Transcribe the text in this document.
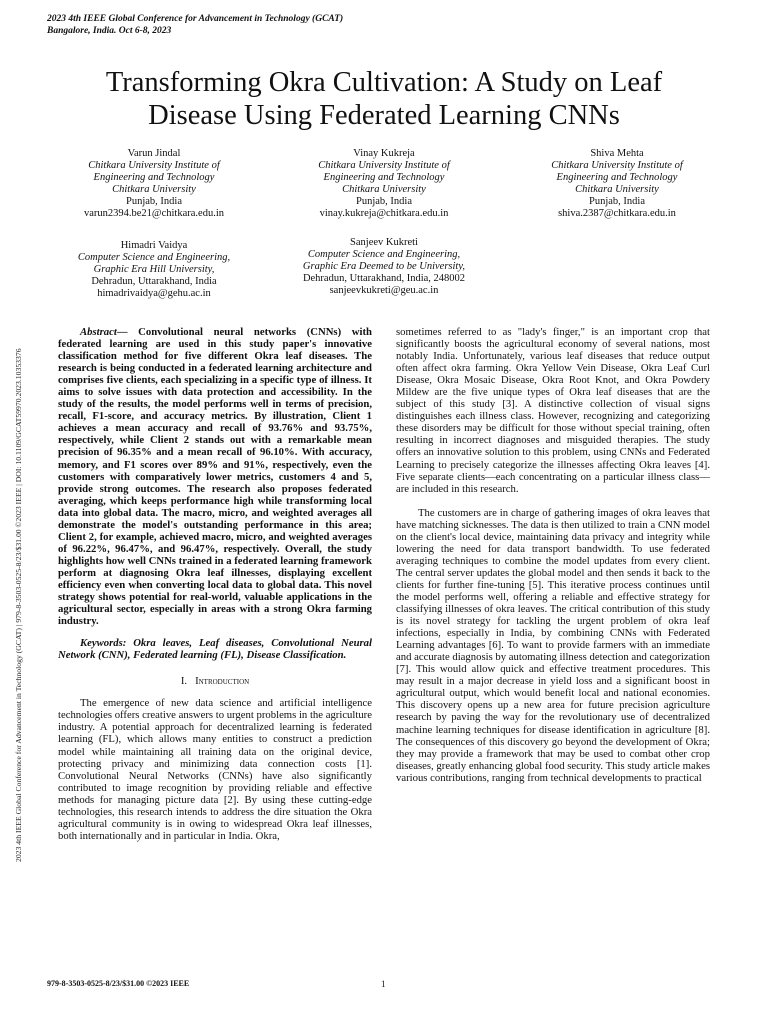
2023 4th IEEE Global Conference for Advancement in Technology (GCAT)
Bangalore, India. Oct 6-8, 2023
2023 4th IEEE Global Conference for Advancement in Technology (GCAT) | 979-8-3503-0525-8/23/$31.00 ©2023 IEEE | DOI: 10.1109/GCAT59970.2023.10353376
Transforming Okra Cultivation: A Study on Leaf
Disease Using Federated Learning CNNs
Varun Jindal
Chitkara University Institute of
Engineering and Technology
Chitkara University
Punjab, India
varun2394.be21@chitkara.edu.in
Vinay Kukreja
Chitkara University Institute of
Engineering and Technology
Chitkara University
Punjab, India
vinay.kukreja@chitkara.edu.in
Shiva Mehta
Chitkara University Institute of
Engineering and Technology
Chitkara University
Punjab, India
shiva.2387@chitkara.edu.in
Himadri Vaidya
Computer Science and Engineering,
Graphic Era Hill University,
Dehradun, Uttarakhand, India
himadrivaidya@gehu.ac.in
Sanjeev Kukreti
Computer Science and Engineering,
Graphic Era Deemed to be University,
Dehradun, Uttarakhand, India, 248002
sanjeevkukreti@geu.ac.in

Abstract— Convolutional neural networks (CNNs) with federated learning are used in this study paper's innovative classification method for five different Okra leaf diseases. The research is being conducted in a federated learning architecture and comprises five clients, each specializing in a specific type of illness. It aims to solve issues with data protection and accessibility. In the study of the results, the model performs well in terms of precision, recall, F1-score, and accuracy metrics. By illustration, Client 1 achieves a mean accuracy and recall of 93.76% and 93.75%, respectively, while Client 2 stands out with a remarkable mean precision of 96.35% and a mean recall of 96.10%. With accuracy, memory, and F1 scores over 89% and 91%, respectively, even the customers with comparatively lower metrics, customers 4 and 5, provide strong outcomes. The research also proposes federated averaging, which keeps performance high while transforming local data into global data. The macro, micro, and weighted averages all demonstrate the model's outstanding performance in this area; Client 2, for example, achieved macro, micro, and weighted averages of 96.22%, 96.47%, and 96.47%, respectively. Overall, the study highlights how well CNNs trained in a federated learning framework perform at diagnosing Okra leaf illnesses, displaying excellent efficiency even when converting local data to global data. This novel strategy shows potential for real-world, valuable applications in the agricultural sector, especially in areas with a strong Okra farming industry.

Keywords: Okra leaves, Leaf diseases, Convolutional Neural Network (CNN), Federated learning (FL), Disease Classification.

I. Introduction

The emergence of new data science and artificial intelligence technologies offers creative answers to urgent problems in the agriculture industry. A potential approach for decentralized learning is federated learning (FL), which allows many entities to construct a prediction model while maintaining all training data on the original device, protecting privacy and minimizing data connection costs [1]. Convolutional Neural Networks (CNNs) have also significantly contributed to image recognition by providing reliable and effective methods for managing picture data [2]. By using these cutting-edge technologies, this research intends to address the dire situation the Okra agricultural community is in owing to widespread Okra leaf illnesses, both internationally and in particular in India. Okra,

sometimes referred to as "lady's finger," is an important crop that significantly boosts the agricultural economy of several nations, most notably India. Unfortunately, various leaf diseases that reduce output often affect okra farming. Okra Yellow Vein Disease, Okra Leaf Curl Disease, Okra Mosaic Disease, Okra Root Knot, and Okra Powdery Mildew are the five unique types of Okra leaf diseases that are the subject of this study [3]. A distinctive collection of visual signs distinguishes each illness class. However, recognizing and categorizing these disorders may be difficult for those without special training, often resulting in incorrect diagnoses and misguided therapies. The study offers an innovative solution to this problem, using CNNs and Federated Learning to precisely categorize the illnesses affecting Okra leaves [4]. Five separate clients—each concentrating on a particular illness class—are included in this research.

The customers are in charge of gathering images of okra leaves that have matching sicknesses. The data is then utilized to train a CNN model on the client's local device, maintaining data privacy and integrity while lowering the need for data transport bandwidth. To use federated averaging techniques to combine the model updates from every client. The central server updates the global model and then sends it back to the clients for further fine-tuning [5]. This iterative process continues until the model performs well, offering a reliable and effective strategy for classifying illnesses of okra leaves. The critical contribution of this study is its novel strategy for tackling the urgent problem of okra leaf infections, especially in India, by combining CNNs with Federated Learning advantages [6]. To want to provide farmers with an immediate and accurate diagnosis by automating illness detection and categorization [7]. This would allow quick and effective treatment procedures. This may result in a major decrease in yield loss and a significant boost in agricultural output, which would benefit local and national economies. This discovery opens up a new area for future precision agriculture research by paving the way for the revolutionary use of decentralized machine learning techniques for disease identification in agriculture [8]. The consequences of this discovery go beyond the development of Okra; they may provide a framework that may be used to combat other crop diseases, greatly enhancing global food security. This study article makes various contributions, ranging from technical developments to practical

979-8-3503-0525-8/23/$31.00 ©2023 IEEE	1
